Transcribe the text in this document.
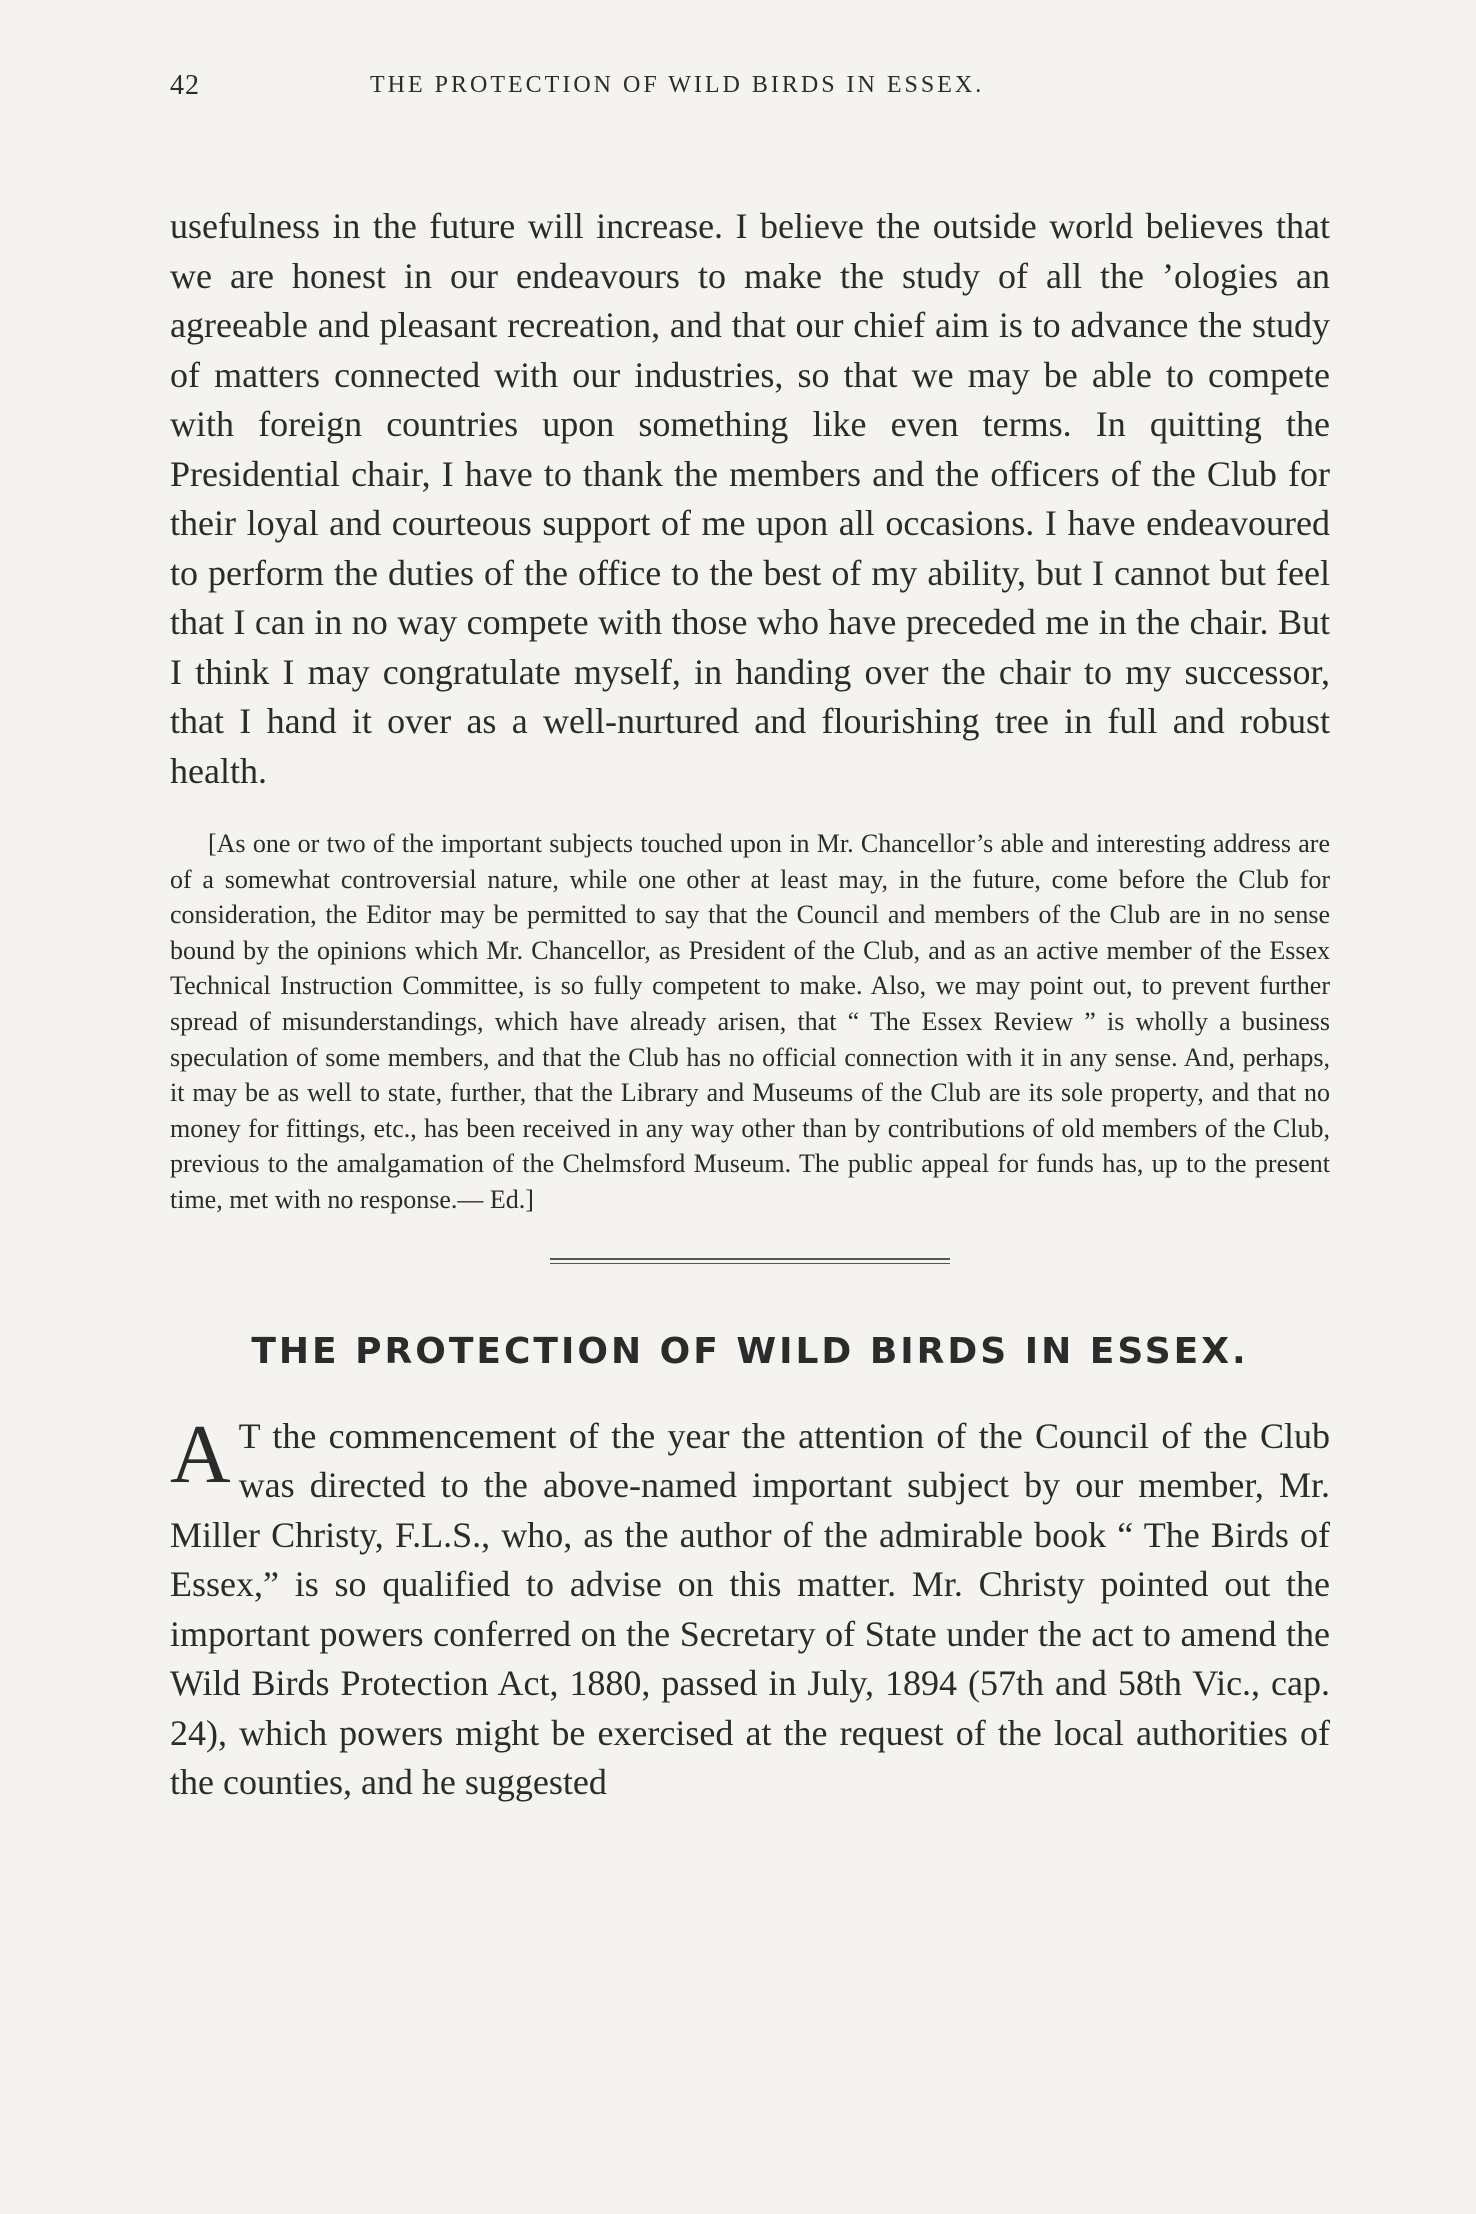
42	THE PROTECTION OF WILD BIRDS IN ESSEX.

usefulness in the future will increase. I believe the outside world believes that we are honest in our endeavours to make the study of all the ’ologies an agreeable and pleasant recreation, and that our chief aim is to advance the study of matters connected with our industries, so that we may be able to compete with foreign countries upon something like even terms. In quitting the Presidential chair, I have to thank the members and the officers of the Club for their loyal and courteous support of me upon all occasions. I have endeavoured to perform the duties of the office to the best of my ability, but I cannot but feel that I can in no way compete with those who have preceded me in the chair. But I think I may congratulate myself, in handing over the chair to my successor, that I hand it over as a well-nurtured and flourishing tree in full and robust health.

[As one or two of the important subjects touched upon in Mr. Chancellor’s able and interesting address are of a somewhat controversial nature, while one other at least may, in the future, come before the Club for consideration, the Editor may be permitted to say that the Council and members of the Club are in no sense bound by the opinions which Mr. Chancellor, as President of the Club, and as an active member of the Essex Technical Instruction Committee, is so fully competent to make. Also, we may point out, to prevent further spread of misunderstandings, which have already arisen, that “ The Essex Review ” is wholly a business speculation of some members, and that the Club has no official connection with it in any sense. And, perhaps, it may be as well to state, further, that the Library and Museums of the Club are its sole property, and that no money for fittings, etc., has been received in any way other than by contributions of old members of the Club, previous to the amalgamation of the Chelmsford Museum. The public appeal for funds has, up to the present time, met with no response.— Ed.]

THE PROTECTION OF WILD BIRDS IN ESSEX.

A T the commencement of the year the attention of the Council of the Club was directed to the above-named important subject by our member, Mr. Miller Christy, F.L.S., who, as the author of the admirable book “ The Birds of Essex,” is so qualified to advise on this matter. Mr. Christy pointed out the important powers conferred on the Secretary of State under the act to amend the Wild Birds Protection Act, 1880, passed in July, 1894 (57th and 58th Vic., cap. 24), which powers might be exercised at the request of the local authorities of the counties, and he suggested
